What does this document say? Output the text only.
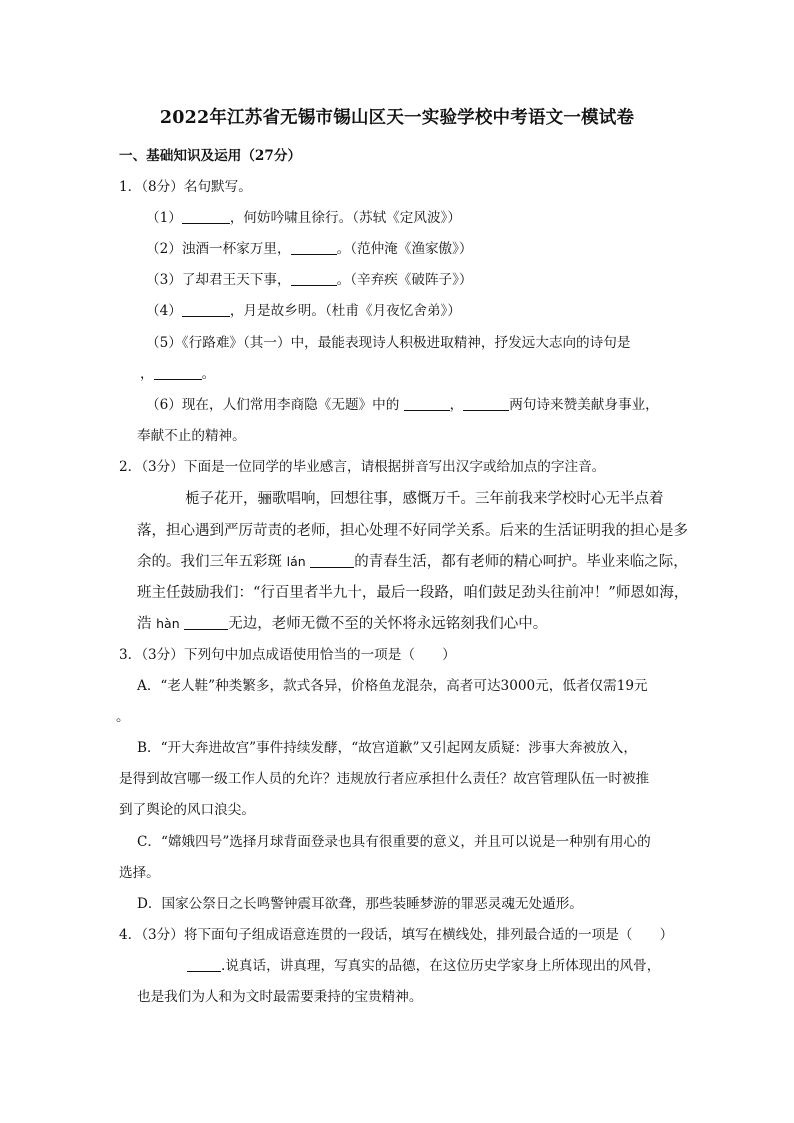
2022年江苏省无锡市锡山区天一实验学校中考语文一模试卷
一、基础知识及运用（27分）
1．（8分）名句默写。
（1）	，何妨吟啸且徐行。（苏轼《定风波》）
（2）浊酒一杯家万里，	。（范仲淹《渔家傲》）
（3）了却君王天下事，	。（辛弃疾《破阵子》）
（4）	，月是故乡明。（杜甫《月夜忆舍弟》）
（5）《行路难》（其一）中，最能表现诗人积极进取精神，抒发远大志向的诗句是
，	。
（6）现在，人们常用李商隐《无题》中的	，	两句诗来赞美献身事业，
奉献不止的精神。
2．（3分）下面是一位同学的毕业感言，请根据拼音写出汉字或给加点的字注音。
栀子花开，骊歌唱响，回想往事，感慨万千。三年前我来学校时心无半点着
落，担心遇到严厉苛责的老师，担心处理不好同学关系。后来的生活证明我的担心是多
余的。我们三年五彩斑 lán	的青春生活，都有老师的精心呵护。毕业来临之际，
班主任鼓励我们：“行百里者半九十，最后一段路，咱们鼓足劲头往前冲！”师恩如海，
浩 hàn	无边，老师无微不至的关怀将永远铭刻我们心中。
3．（3分）下列句中加点成语使用恰当的一项是（　　）
A．“老人鞋”种类繁多，款式各异，价格鱼龙混杂，高者可达3000元，低者仅需19元
。
B．“开大奔进故宫”事件持续发酵，“故宫道歉”又引起网友质疑：涉事大奔被放入，
是得到故宫哪一级工作人员的允许？违规放行者应承担什么责任？故宫管理队伍一时被推
到了舆论的风口浪尖。
C．“嫦娥四号”选择月球背面登录也具有很重要的意义，并且可以说是一种别有用心的
选择。
D．国家公祭日之长鸣警钟震耳欲聋，那些装睡梦游的罪恶灵魂无处遁形。
4．（3分）将下面句子组成语意连贯的一段话，填写在横线处，排列最合适的一项是（　　）
.说真话，讲真理，写真实的品德，在这位历史学家身上所体现出的风骨，
也是我们为人和为文时最需要秉持的宝贵精神。
